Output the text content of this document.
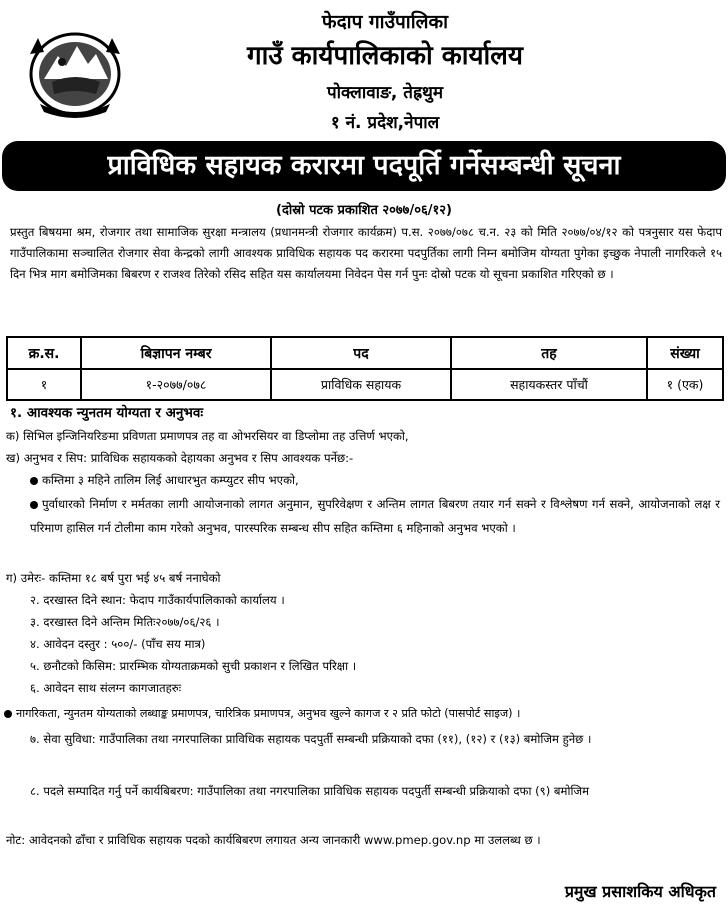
फेदाप गाउँपालिका
गाउँ कार्यपालिकाको कार्यालय
पोक्लावाङ, तेह्रथुम
१ नं. प्रदेश,नेपाल
प्राविधिक सहायक करारमा पदपूर्ति गर्नेसम्बन्धी सूचना
(दोस्रो पटक प्रकाशित २०७७/०६/१२)
प्रस्तुत बिषयमा श्रम, रोजगार तथा सामाजिक सुरक्षा मन्त्रालय (प्रधानमन्त्री रोजगार कार्यक्रम) प.स. २०७७/०७८ च.न. २३ को मिति २०७७/०४/१२ को पत्रनुसार यस फेदाप गाउँपालिकामा सञ्चालित रोजगार सेवा केन्द्रको लागी आवश्यक प्राविधिक सहायक पद करारमा पदपुर्तिका लागी निम्न बमोजिम योग्यता पुगेका इच्छुक नेपाली नागरिकले १५ दिन भित्र माग बमोजिमका बिबरण र राजश्व तिरेको रसिद सहित यस कार्यालयमा निवेदन पेस गर्न पुनः दोस्रो पटक यो सूचना प्रकाशित गरिएको छ ।
क्र.स.	बिज्ञापन नम्बर	पद	तह	संख्या
१	१-२०७७/०७८	प्राविधिक सहायक	सहायकस्तर पाँचौं	१ (एक)
१. आवश्यक न्युनतम योग्यता र अनुभवः
क) सिभिल इन्जिनियरिङमा प्रविणता प्रमाणपत्र तह वा ओभरसियर वा डिप्लोमा तह उत्तिर्ण भएको,
ख) अनुभव र सिप: प्राविधिक सहायकको देहायका अनुभव र सिप आवश्यक पर्नेछ:-
कम्तिमा ३ महिने तालिम लिई आधारभुत कम्प्युटर सीप भएको,
पुर्वाधारको निर्माण र मर्मतका लागी आयोजनाको लागत अनुमान, सुपरिवेक्षण र अन्तिम लागत बिबरण तयार गर्न सक्ने र विश्लेषण गर्न सक्ने, आयोजनाको लक्ष र परिमाण हासिल गर्न टोलीमा काम गरेको अनुभव, पारस्परिक सम्बन्ध सीप सहित कम्तिमा ६ महिनाको अनुभव भएको ।
ग) उमेरः- कम्तिमा १८ बर्ष पुरा भई ४५ बर्ष ननाघेको
२. दरखास्त दिने स्थान: फेदाप गाउँकार्यपालिकाको कार्यालय ।
३. दरखास्त दिने अन्तिम मितिः२०७७/०६/२६ ।
४. आवेदन दस्तुर : ५००/- (पाँच सय मात्र)
५. छनौटको किसिम: प्रारम्भिक योग्यताक्रमको सुची प्रकाशन र लिखित परिक्षा ।
६. आवेदन साथ संलग्न कागजातहरुः
नागरिकता, न्युनतम योग्यताको लब्धाङ्क प्रमाणपत्र, चारित्रिक प्रमाणपत्र, अनुभव खुल्ने कागज र २ प्रति फोटो (पासपोर्ट साइज) ।
७. सेवा सुविधा: गाउँपालिका तथा नगरपालिका प्राविधिक सहायक पदपुर्ती सम्बन्धी प्रक्रियाको दफा (११), (१२) र (१३) बमोजिम हुनेछ ।
८. पदले सम्पादित गर्नु पर्ने कार्यबिबरण: गाउँपालिका तथा नगरपालिका प्राविधिक सहायक पदपुर्ती सम्बन्धी प्रक्रियाको दफा (९) बमोजिम
नोट: आवेदनको ढाँचा र प्राविधिक सहायक पदको कार्यबिबरण लगायत अन्य जानकारी www.pmep.gov.np मा उललब्ध छ ।
प्रमुख प्रसाशकिय अधिकृत
